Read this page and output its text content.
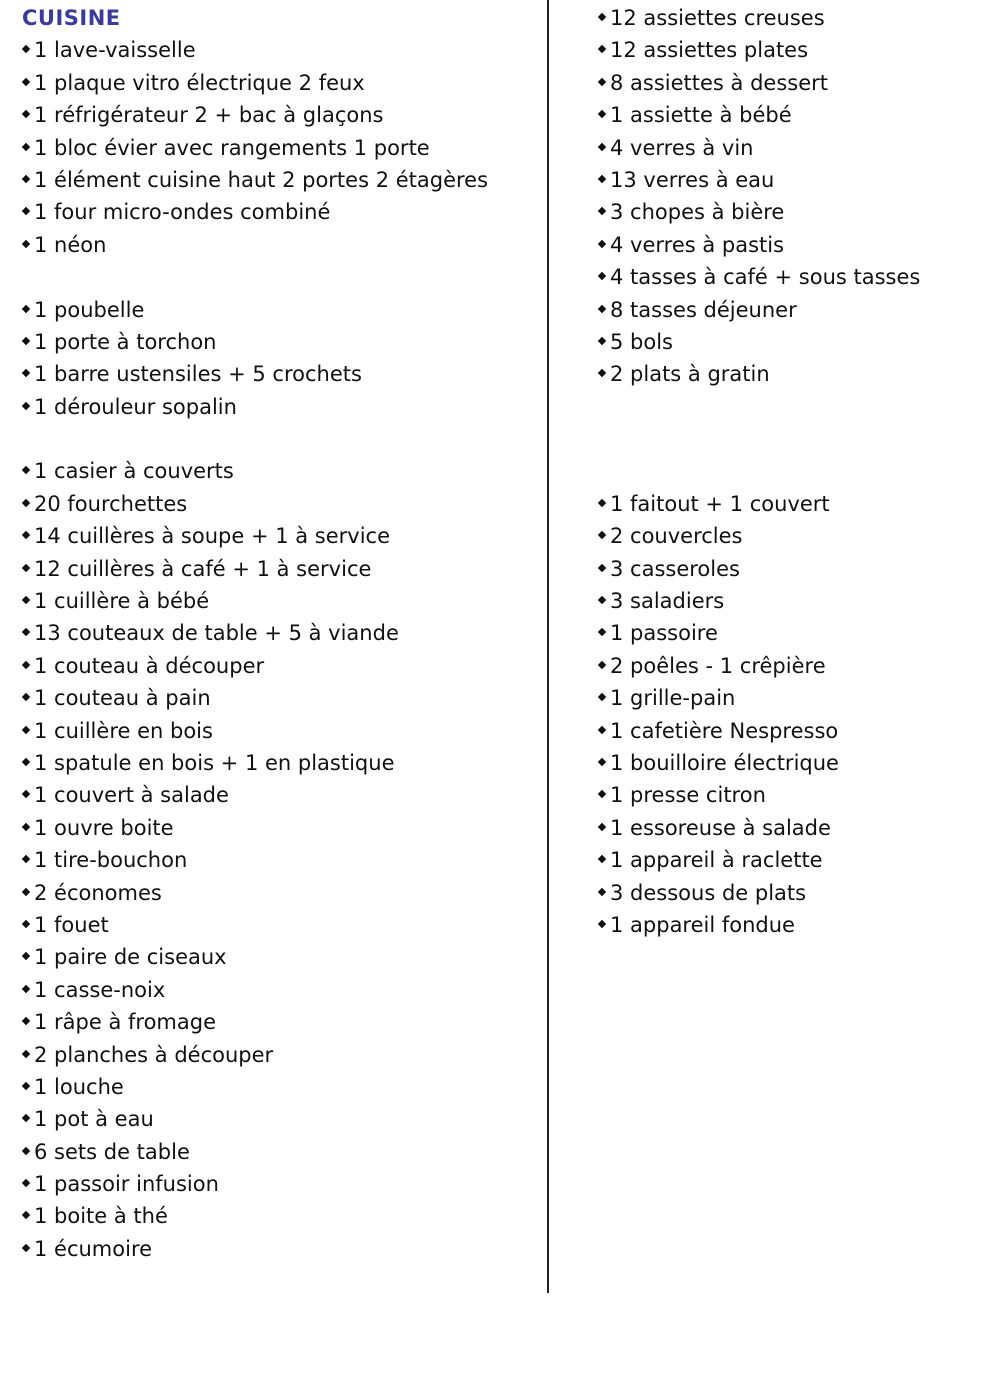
CUISINE
1 lave-vaisselle
1 plaque vitro électrique 2 feux
1 réfrigérateur 2 + bac à glaçons
1 bloc évier avec rangements 1 porte
1 élément cuisine haut 2 portes 2 étagères
1 four micro-ondes combiné
1 néon
1 poubelle
1 porte à torchon
1 barre ustensiles + 5 crochets
1 dérouleur sopalin
1 casier à couverts
20 fourchettes
14 cuillères à soupe + 1 à service
12 cuillères à café + 1 à service
1 cuillère à bébé
13 couteaux de table + 5 à viande
1 couteau à découper
1 couteau à pain
1 cuillère en bois
1 spatule en bois + 1 en plastique
1 couvert à salade
1 ouvre boite
1 tire-bouchon
2 économes
1 fouet
1 paire de ciseaux
1 casse-noix
1 râpe à fromage
2 planches à découper
1 louche
1 pot à eau
6 sets de table
1 passoir infusion
1 boite à thé
1 écumoire
12 assiettes creuses
12 assiettes plates
8 assiettes à dessert
1 assiette à bébé
4 verres à vin
13 verres à eau
3 chopes à bière
4 verres à pastis
4 tasses à café + sous tasses
8 tasses déjeuner
5 bols
2 plats à gratin
1 faitout + 1 couvert
2 couvercles
3 casseroles
3 saladiers
1 passoire
2 poêles - 1 crêpière
1 grille-pain
1 cafetière Nespresso
1 bouilloire électrique
1 presse citron
1 essoreuse à salade
1 appareil à raclette
3 dessous de plats
1 appareil fondue
